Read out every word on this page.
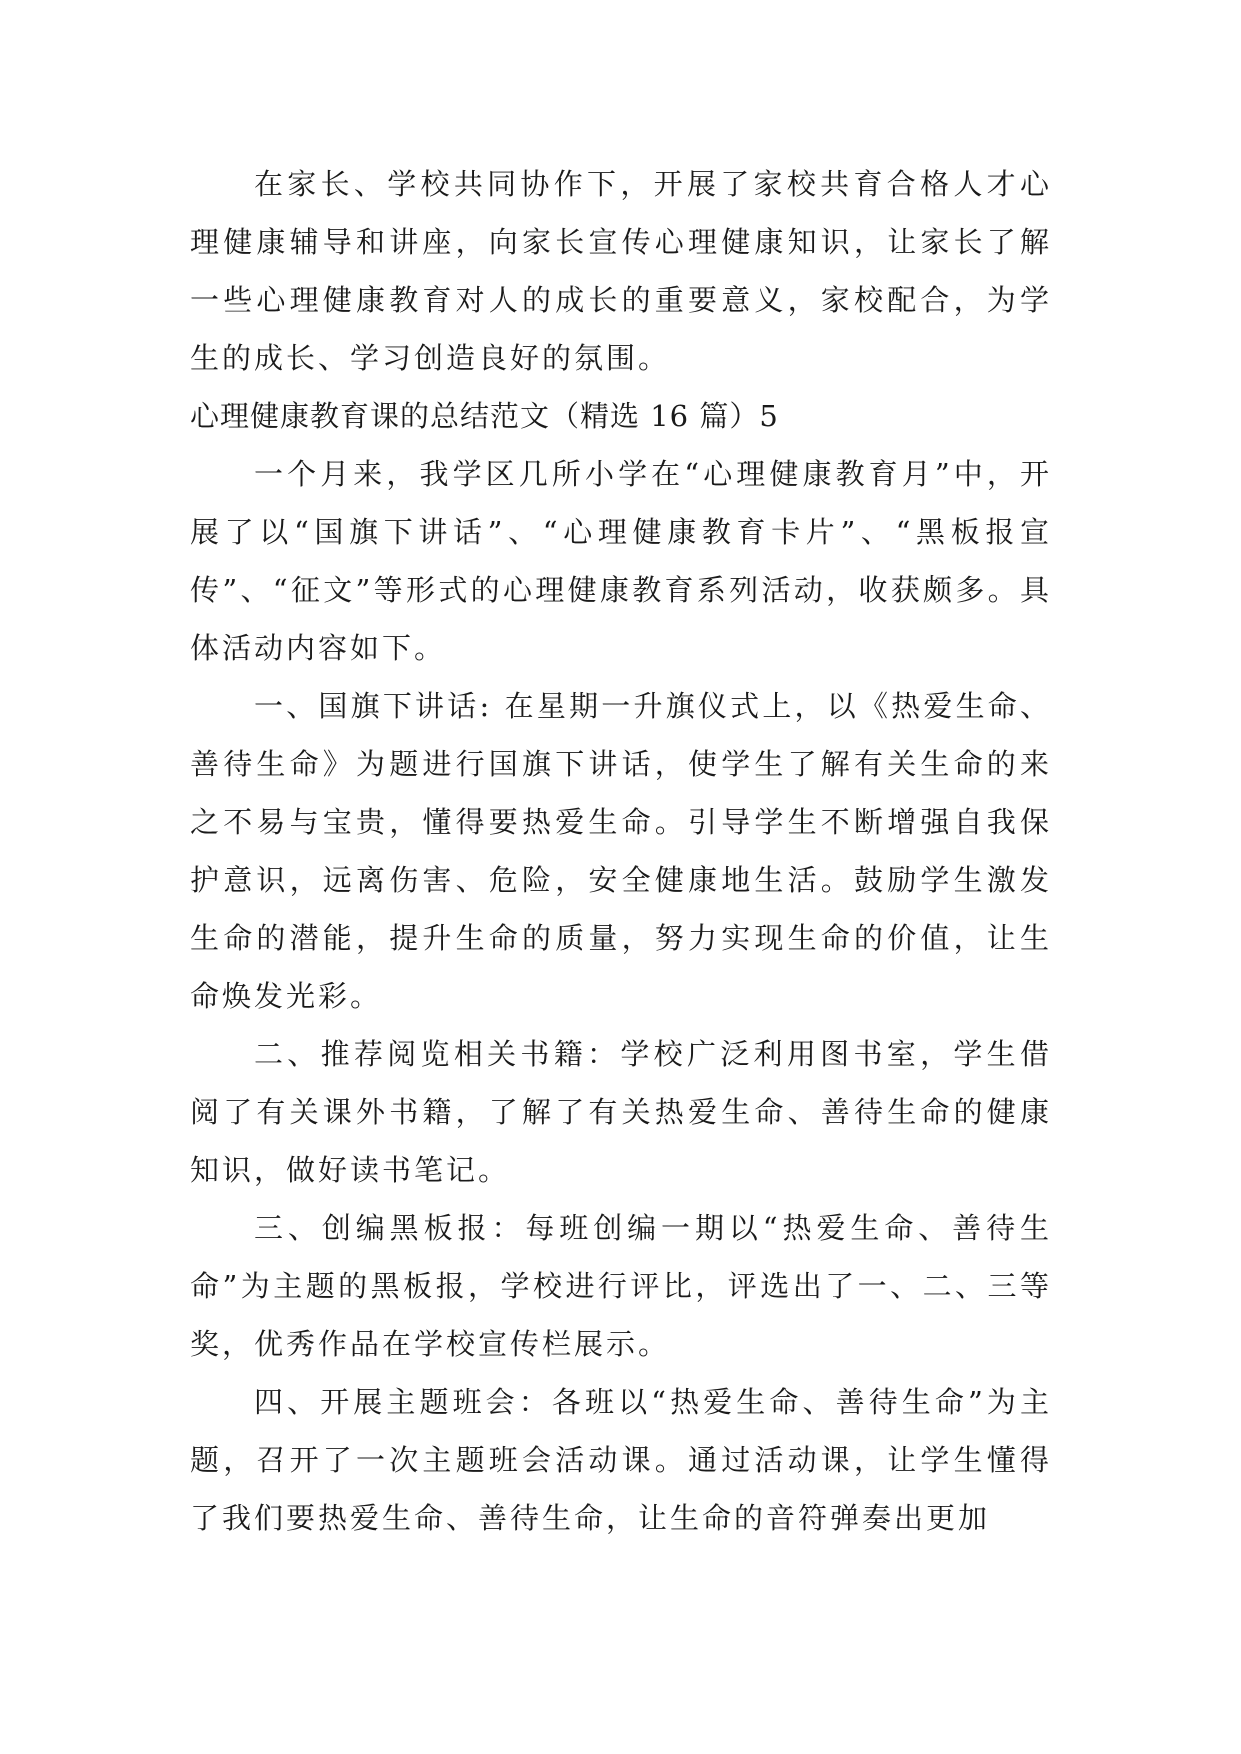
在家长、学校共同协作下，开展了家校共育合格人才心理健康辅导和讲座，向家长宣传心理健康知识，让家长了解一些心理健康教育对人的成长的重要意义，家校配合，为学生的成长、学习创造良好的氛围。

心理健康教育课的总结范文（精选 16 篇）5

一个月来，我学区几所小学在“心理健康教育月”中，开展了以“国旗下讲话”、“心理健康教育卡片”、“黑板报宣传”、“征文”等形式的心理健康教育系列活动，收获颇多。具体活动内容如下。

一、国旗下讲话: 在星期一升旗仪式上，以《热爱生命、善待生命》为题进行国旗下讲话，使学生了解有关生命的来之不易与宝贵，懂得要热爱生命。引导学生不断增强自我保护意识，远离伤害、危险，安全健康地生活。鼓励学生激发生命的潜能，提升生命的质量，努力实现生命的价值，让生命焕发光彩。

二、推荐阅览相关书籍：学校广泛利用图书室，学生借阅了有关课外书籍，了解了有关热爱生命、善待生命的健康知识，做好读书笔记。

三、创编黑板报：每班创编一期以“热爱生命、善待生命”为主题的黑板报，学校进行评比，评选出了一、二、三等奖，优秀作品在学校宣传栏展示。

四、开展主题班会：各班以“热爱生命、善待生命”为主题，召开了一次主题班会活动课。通过活动课，让学生懂得了我们要热爱生命、善待生命，让生命的音符弹奏出更加
